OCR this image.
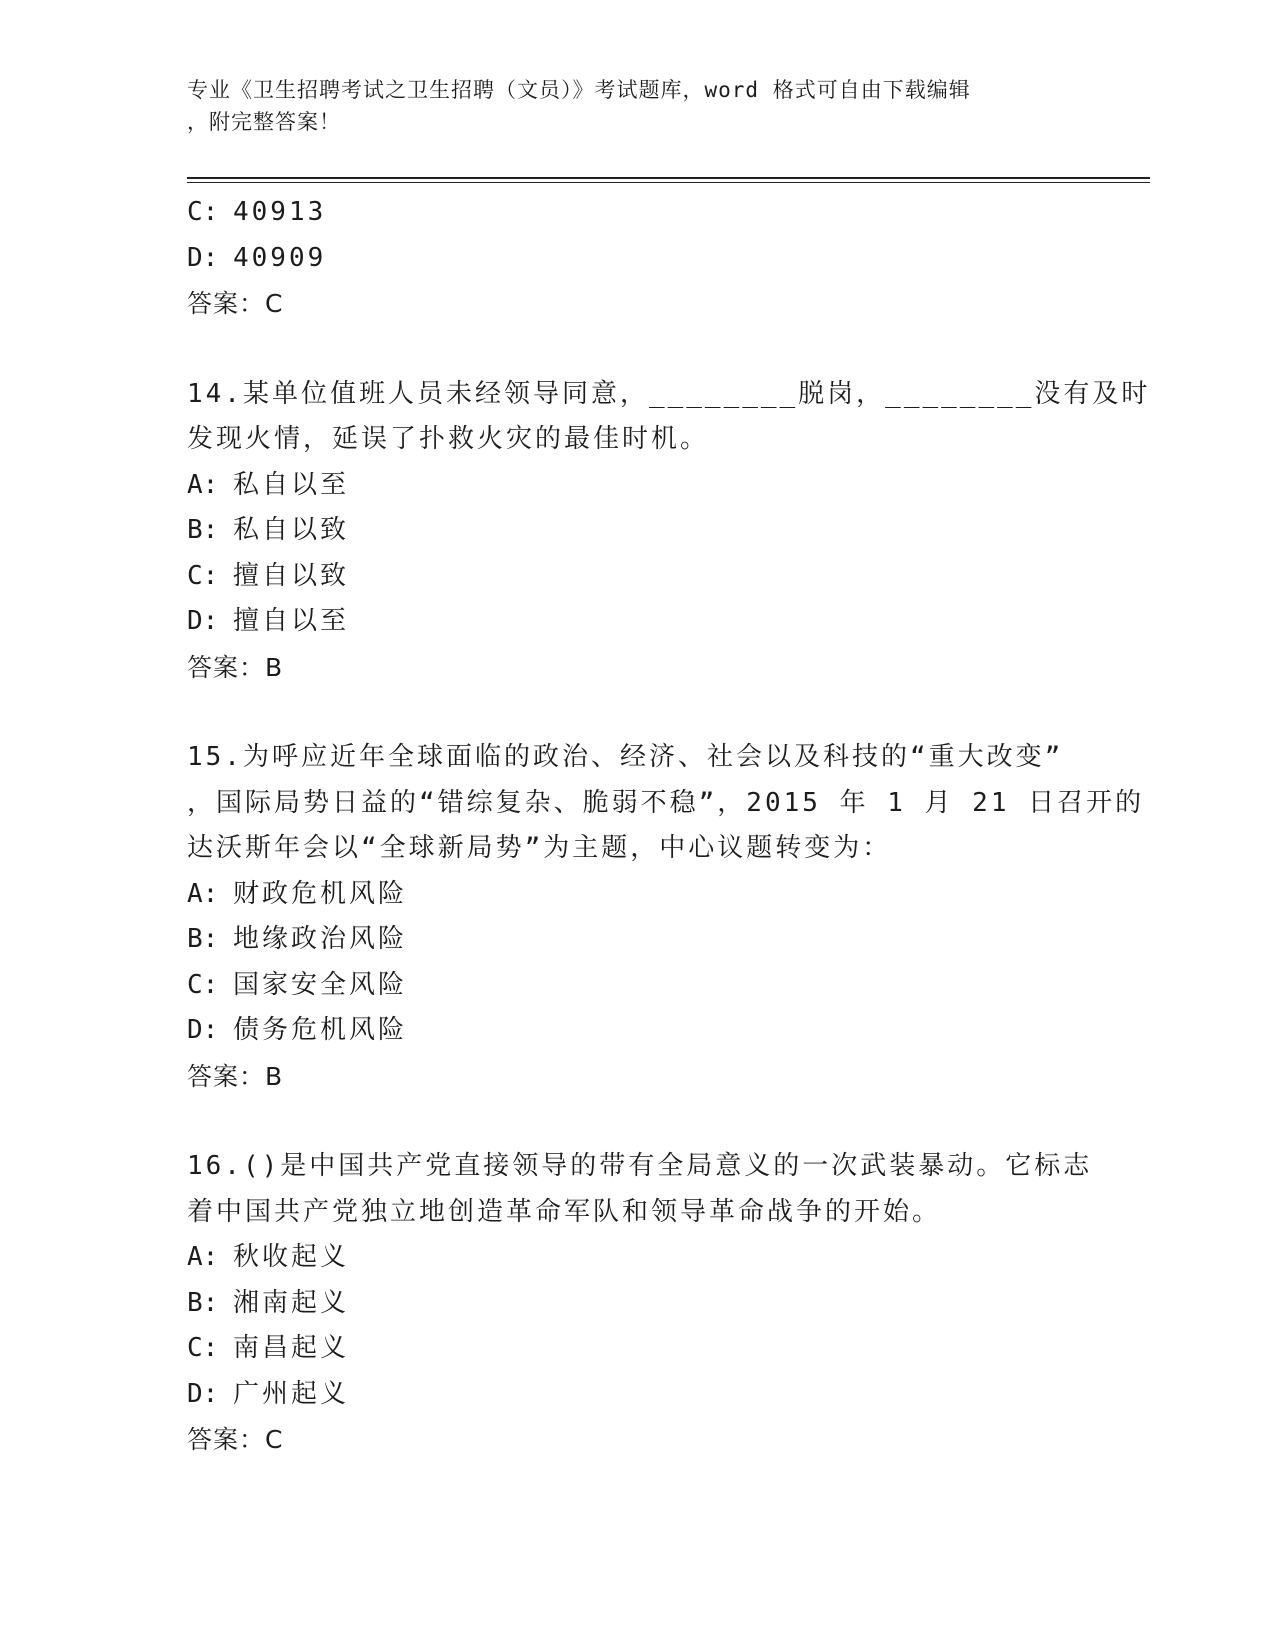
专业《卫生招聘考试之卫生招聘（文员）》考试题库，word 格式可自由下载编辑
，附完整答案！
C: 40913
D: 40909
答案：C
14.某单位值班人员未经领导同意，________脱岗，________没有及时
发现火情，延误了扑救火灾的最佳时机。
A: 私自以至
B: 私自以致
C: 擅自以致
D: 擅自以至
答案：B
15.为呼应近年全球面临的政治、经济、社会以及科技的“重大改变”
，国际局势日益的“错综复杂、脆弱不稳”，2015 年 1 月 21 日召开的
达沃斯年会以“全球新局势”为主题，中心议题转变为：
A: 财政危机风险
B: 地缘政治风险
C: 国家安全风险
D: 债务危机风险
答案：B
16.()是中国共产党直接领导的带有全局意义的一次武装暴动。它标志
着中国共产党独立地创造革命军队和领导革命战争的开始。
A: 秋收起义
B: 湘南起义
C: 南昌起义
D: 广州起义
答案：C
